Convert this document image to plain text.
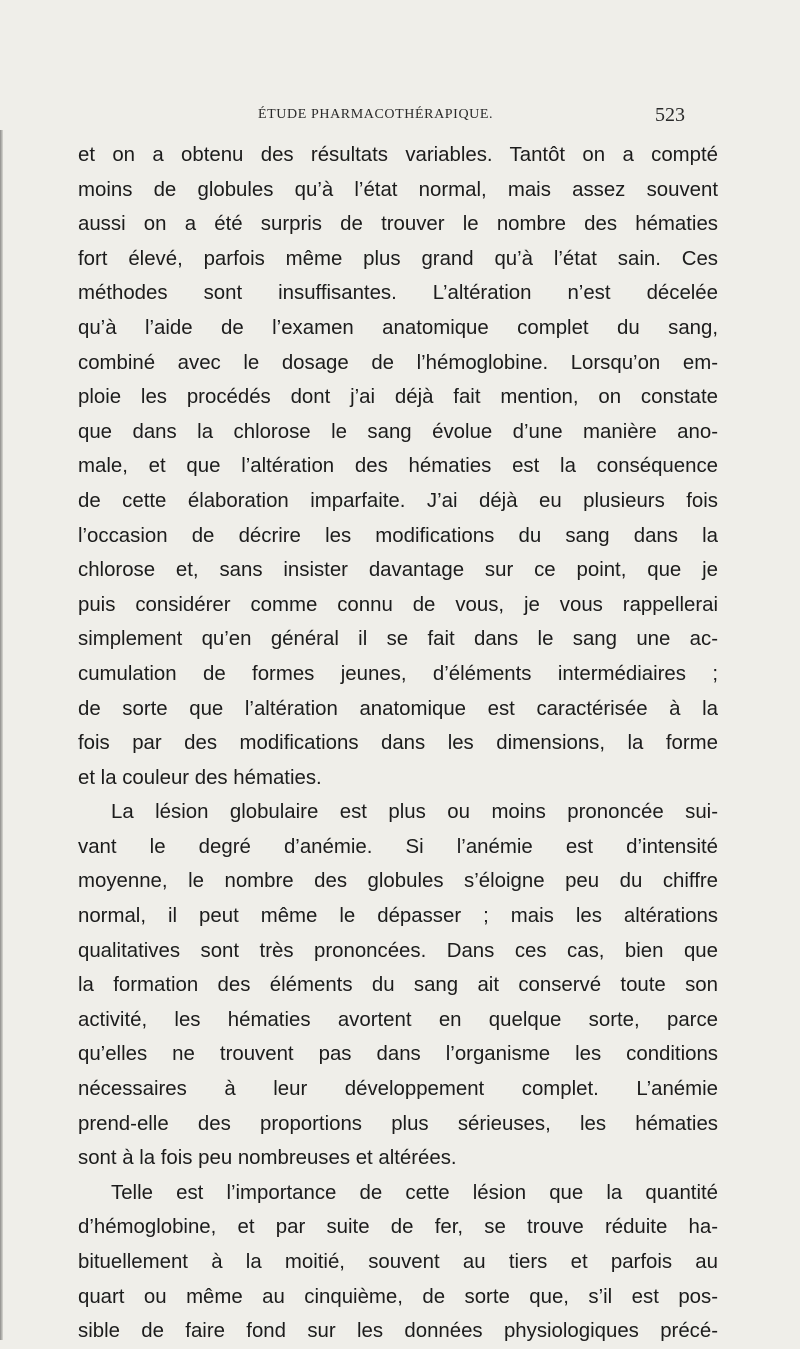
ÉTUDE PHARMACOTHÉRAPIQUE.	523
et on a obtenu des résultats variables. Tantôt on a compté
moins de globules qu’à l’état normal, mais assez souvent
aussi on a été surpris de trouver le nombre des hématies
fort élevé, parfois même plus grand qu’à l’état sain. Ces
méthodes sont insuffisantes. L’altération n’est décelée
qu’à l’aide de l’examen anatomique complet du sang,
combiné avec le dosage de l’hémoglobine. Lorsqu’on em-
ploie les procédés dont j’ai déjà fait mention, on constate
que dans la chlorose le sang évolue d’une manière ano-
male, et que l’altération des hématies est la conséquence
de cette élaboration imparfaite. J’ai déjà eu plusieurs fois
l’occasion de décrire les modifications du sang dans la
chlorose et, sans insister davantage sur ce point, que je
puis considérer comme connu de vous, je vous rappellerai
simplement qu’en général il se fait dans le sang une ac-
cumulation de formes jeunes, d’éléments intermédiaires ;
de sorte que l’altération anatomique est caractérisée à la
fois par des modifications dans les dimensions, la forme
et la couleur des hématies.
La lésion globulaire est plus ou moins prononcée sui-
vant le degré d’anémie. Si l’anémie est d’intensité
moyenne, le nombre des globules s’éloigne peu du chiffre
normal, il peut même le dépasser ; mais les altérations
qualitatives sont très prononcées. Dans ces cas, bien que
la formation des éléments du sang ait conservé toute son
activité, les hématies avortent en quelque sorte, parce
qu’elles ne trouvent pas dans l’organisme les conditions
nécessaires à leur développement complet. L’anémie
prend-elle des proportions plus sérieuses, les hématies
sont à la fois peu nombreuses et altérées.
Telle est l’importance de cette lésion que la quantité
d’hémoglobine, et par suite de fer, se trouve réduite ha-
bituellement à la moitié, souvent au tiers et parfois au
quart ou même au cinquième, de sorte que, s’il est pos-
sible de faire fond sur les données physiologiques précé-
